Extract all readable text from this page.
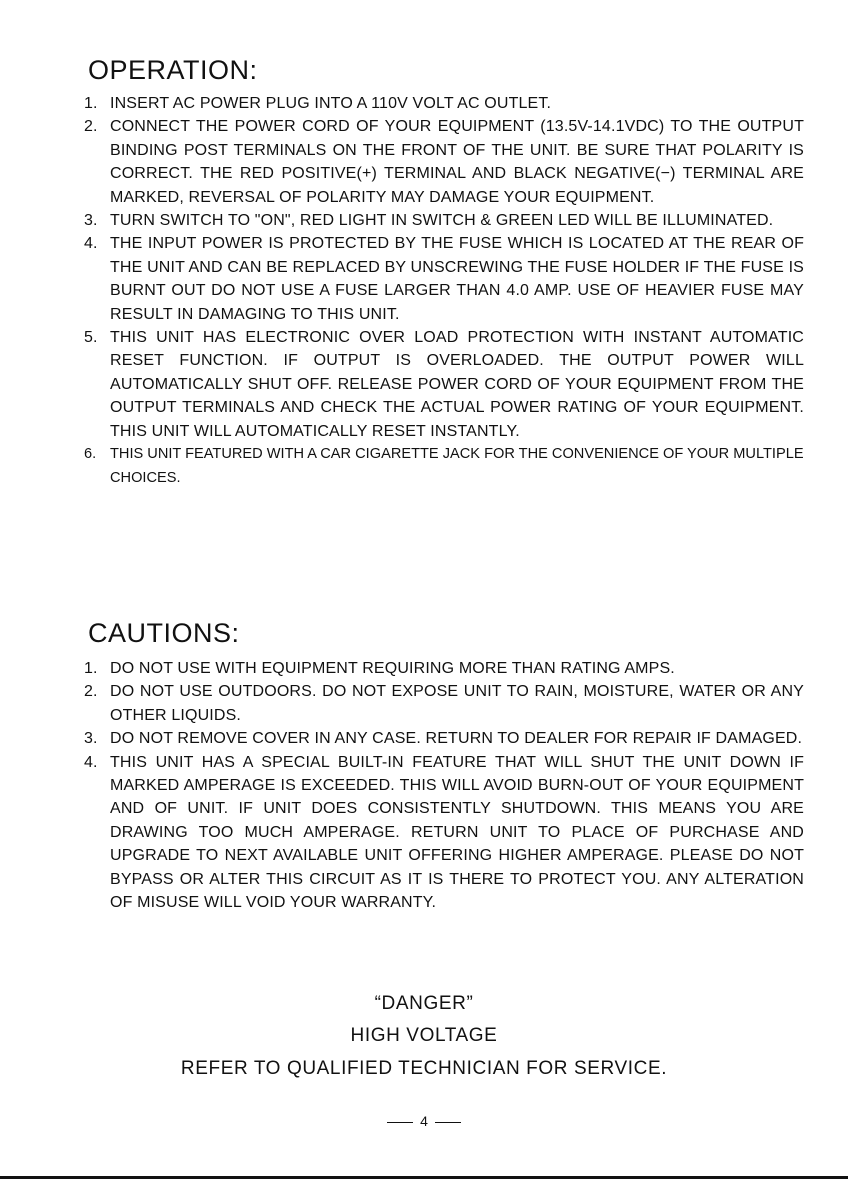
OPERATION:
1. INSERT AC POWER PLUG INTO A 110V VOLT AC OUTLET.
2. CONNECT THE POWER CORD OF YOUR EQUIPMENT (13.5V-14.1VDC) TO THE OUTPUT BINDING POST TERMINALS ON THE FRONT OF THE UNIT. BE SURE THAT POLARITY IS CORRECT. THE RED POSITIVE(+) TERMINAL AND BLACK NEGATIVE(−) TERMINAL ARE MARKED, REVERSAL OF POLARITY MAY DAMAGE YOUR EQUIPMENT.
3. TURN SWITCH TO "ON", RED LIGHT IN SWITCH & GREEN LED WILL BE ILLUMINATED.
4. THE INPUT POWER IS PROTECTED BY THE FUSE WHICH IS LOCATED AT THE REAR OF THE UNIT AND CAN BE REPLACED BY UNSCREWING THE FUSE HOLDER IF THE FUSE IS BURNT OUT DO NOT USE A FUSE LARGER THAN 4.0 AMP. USE OF HEAVIER FUSE MAY RESULT IN DAMAGING TO THIS UNIT.
5. THIS UNIT HAS ELECTRONIC OVER LOAD PROTECTION WITH INSTANT AUTOMATIC RESET FUNCTION. IF OUTPUT IS OVERLOADED. THE OUTPUT POWER WILL AUTOMATICALLY SHUT OFF. RELEASE POWER CORD OF YOUR EQUIPMENT FROM THE OUTPUT TERMINALS AND CHECK THE ACTUAL POWER RATING OF YOUR EQUIPMENT. THIS UNIT WILL AUTOMATICALLY RESET INSTANTLY.
6. THIS UNIT FEATURED WITH A CAR CIGARETTE JACK FOR THE CONVENIENCE OF YOUR MULTIPLE CHOICES.
CAUTIONS:
1. DO NOT USE WITH EQUIPMENT REQUIRING MORE THAN RATING AMPS.
2. DO NOT USE OUTDOORS. DO NOT EXPOSE UNIT TO RAIN, MOISTURE, WATER OR ANY OTHER LIQUIDS.
3. DO NOT REMOVE COVER IN ANY CASE. RETURN TO DEALER FOR REPAIR IF DAMAGED.
4. THIS UNIT HAS A SPECIAL BUILT-IN FEATURE THAT WILL SHUT THE UNIT DOWN IF MARKED AMPERAGE IS EXCEEDED. THIS WILL AVOID BURN-OUT OF YOUR EQUIPMENT AND OF UNIT. IF UNIT DOES CONSISTENTLY SHUTDOWN. THIS MEANS YOU ARE DRAWING TOO MUCH AMPERAGE. RETURN UNIT TO PLACE OF PURCHASE AND UPGRADE TO NEXT AVAILABLE UNIT OFFERING HIGHER AMPERAGE. PLEASE DO NOT BYPASS OR ALTER THIS CIRCUIT AS IT IS THERE TO PROTECT YOU. ANY ALTERATION OF MISUSE WILL VOID YOUR WARRANTY.
“DANGER”
HIGH VOLTAGE
REFER TO QUALIFIED TECHNICIAN FOR SERVICE.
4
